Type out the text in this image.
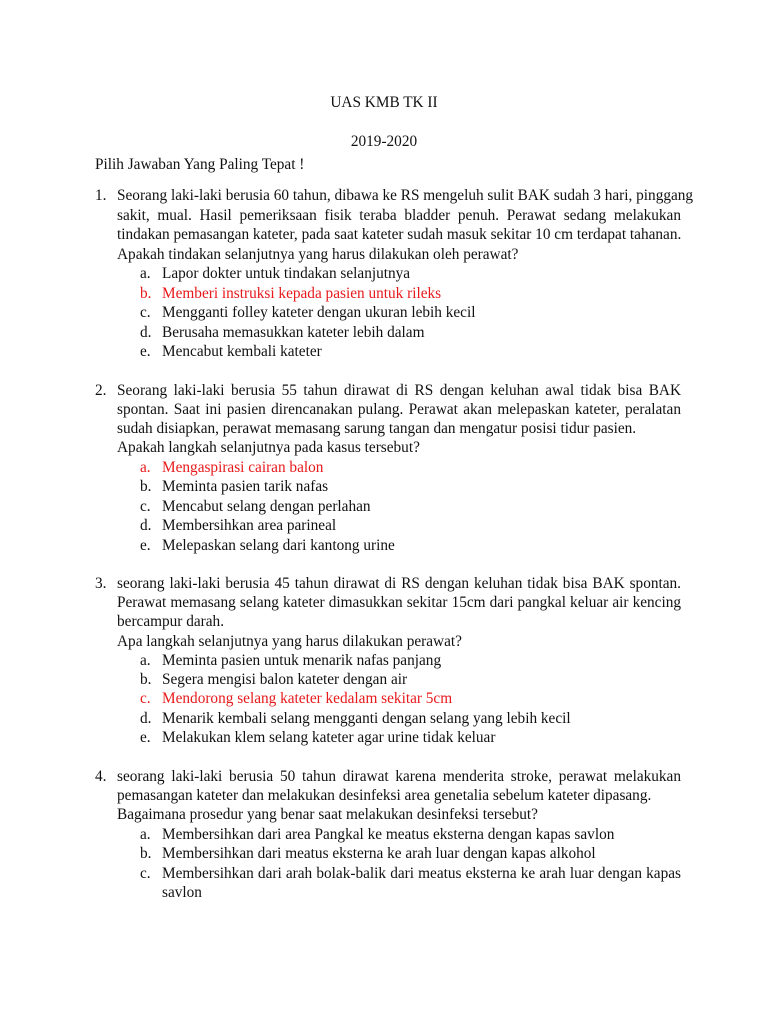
UAS KMB TK II
2019-2020
Pilih Jawaban Yang Paling Tepat !
1. Seorang laki-laki berusia 60 tahun, dibawa ke RS mengeluh sulit BAK sudah 3 hari, pinggang
sakit, mual. Hasil pemeriksaan fisik teraba bladder penuh. Perawat sedang melakukan
tindakan pemasangan kateter, pada saat kateter sudah masuk sekitar 10 cm terdapat tahanan.
Apakah tindakan selanjutnya yang harus dilakukan oleh perawat?
a. Lapor dokter untuk tindakan selanjutnya
b. Memberi instruksi kepada pasien untuk rileks
c. Mengganti folley kateter dengan ukuran lebih kecil
d. Berusaha memasukkan kateter lebih dalam
e. Mencabut kembali kateter
2. Seorang laki-laki berusia 55 tahun dirawat di RS dengan keluhan awal tidak bisa BAK
spontan. Saat ini pasien direncanakan pulang. Perawat akan melepaskan kateter, peralatan
sudah disiapkan, perawat memasang sarung tangan dan mengatur posisi tidur pasien.
Apakah langkah selanjutnya pada kasus tersebut?
a. Mengaspirasi cairan balon
b. Meminta pasien tarik nafas
c. Mencabut selang dengan perlahan
d. Membersihkan area parineal
e. Melepaskan selang dari kantong urine
3. seorang laki-laki berusia 45 tahun dirawat di RS dengan keluhan tidak bisa BAK spontan.
Perawat memasang selang kateter dimasukkan sekitar 15cm dari pangkal keluar air kencing
bercampur darah.
Apa langkah selanjutnya yang harus dilakukan perawat?
a. Meminta pasien untuk menarik nafas panjang
b. Segera mengisi balon kateter dengan air
c. Mendorong selang kateter kedalam sekitar 5cm
d. Menarik kembali selang mengganti dengan selang yang lebih kecil
e. Melakukan klem selang kateter agar urine tidak keluar
4. seorang laki-laki berusia 50 tahun dirawat karena menderita stroke, perawat melakukan
pemasangan kateter dan melakukan desinfeksi area genetalia sebelum kateter dipasang.
Bagaimana prosedur yang benar saat melakukan desinfeksi tersebut?
a. Membersihkan dari area Pangkal ke meatus eksterna dengan kapas savlon
b. Membersihkan dari meatus eksterna ke arah luar dengan kapas alkohol
c. Membersihkan dari arah bolak-balik dari meatus eksterna ke arah luar dengan kapas
savlon
